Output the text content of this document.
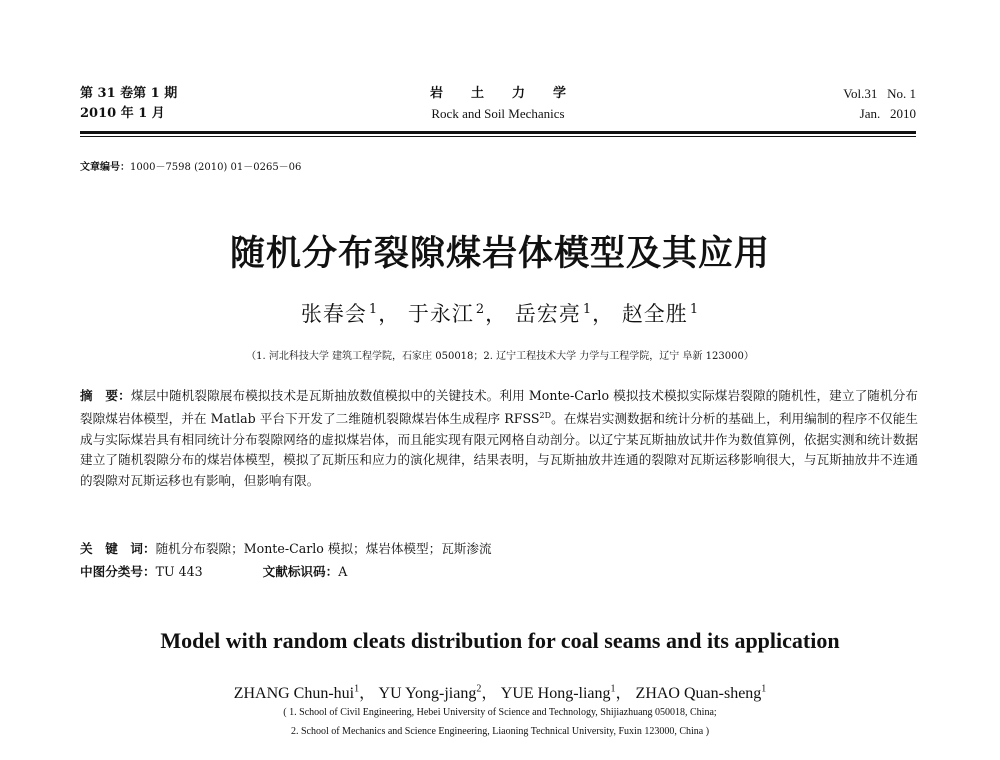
第 31 卷第 1 期
2010 年 1 月
岩土力学
Rock and Soil Mechanics
Vol.31   No. 1
Jan.   2010
文章编号：1000－7598 (2010) 01－0265－06
随机分布裂隙煤岩体模型及其应用
张春会 $^1$， 于永江 $^2$， 岳宏亮 $^1$， 赵全胜 $^1$
（1. 河北科技大学 建筑工程学院，石家庄 050018；2. 辽宁工程技术大学 力学与工程学院，辽宁 阜新 123000）
摘　要：煤层中随机裂隙展布模拟技术是瓦斯抽放数值模拟中的关键技术。利用 Monte-Carlo 模拟技术模拟实际煤岩裂隙的随机性，建立了随机分布裂隙煤岩体模型，并在 Matlab 平台下开发了二维随机裂隙煤岩体生成程序 $RFSS^{2D}$。在煤岩实测数据和统计分析的基础上，利用编制的程序不仅能生成与实际煤岩具有相同统计分布裂隙网络的虚拟煤岩体，而且能实现有限元网格自动剖分。以辽宁某瓦斯抽放试井作为数值算例，依据实测和统计数据建立了随机裂隙分布的煤岩体模型，模拟了瓦斯压和应力的演化规律，结果表明，与瓦斯抽放井连通的裂隙对瓦斯运移影响很大，与瓦斯抽放井不连通的裂隙对瓦斯运移也有影响，但影响有限。
关　键　词：随机分布裂隙；Monte-Carlo 模拟；煤岩体模型；瓦斯渗流
中图分类号：TU 443	文献标识码：A
Model with random cleats distribution for coal seams and its application
ZHANG Chun-hui$^1$， YU Yong-jiang$^2$， YUE Hong-liang$^1$， ZHAO Quan-sheng$^1$
( 1. School of Civil Engineering, Hebei University of Science and Technology, Shijiazhuang 050018, China;
2. School of Mechanics and Science Engineering, Liaoning Technical University, Fuxin 123000, China )
